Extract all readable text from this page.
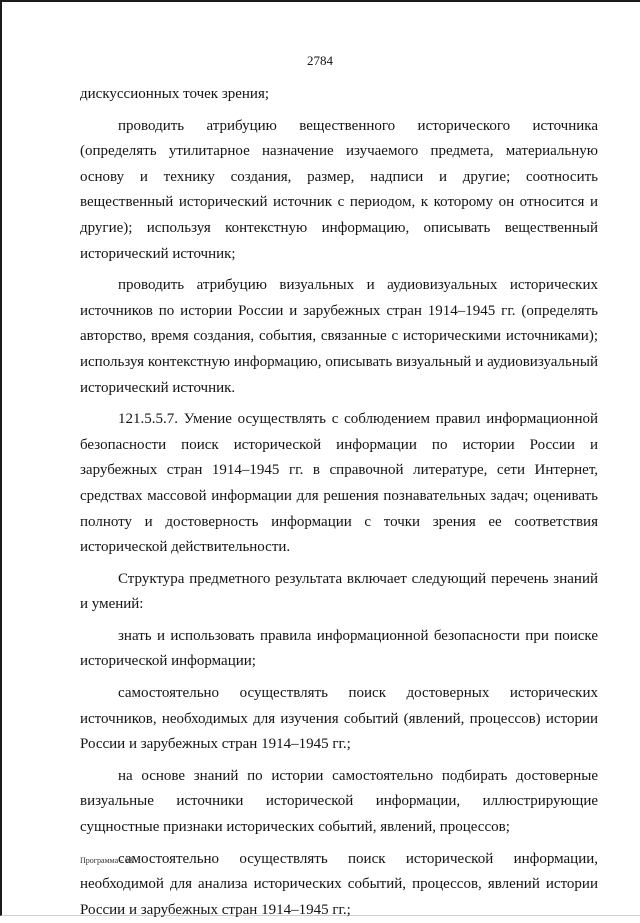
2784

дискуссионных точек зрения;

проводить атрибуцию вещественного исторического источника (определять утилитарное назначение изучаемого предмета, материальную основу и технику создания, размер, надписи и другие; соотносить вещественный исторический источник с периодом, к которому он относится и другие); используя контекстную информацию, описывать вещественный исторический источник;

проводить атрибуцию визуальных и аудиовизуальных исторических источников по истории России и зарубежных стран 1914–1945 гг. (определять авторство, время создания, события, связанные с историческими источниками); используя контекстную информацию, описывать визуальный и аудиовизуальный исторический источник.

121.5.5.7. Умение осуществлять с соблюдением правил информационной безопасности поиск исторической информации по истории России и зарубежных стран 1914–1945 гг. в справочной литературе, сети Интернет, средствах массовой информации для решения познавательных задач; оценивать полноту и достоверность информации с точки зрения ее соответствия исторической действительности.

Структура предметного результата включает следующий перечень знаний и умений:

знать и использовать правила информационной безопасности при поиске исторической информации;

самостоятельно осуществлять поиск достоверных исторических источников, необходимых для изучения событий (явлений, процессов) истории России и зарубежных стран 1914–1945 гг.;

на основе знаний по истории самостоятельно подбирать достоверные визуальные источники исторической информации, иллюстрирующие сущностные признаки исторических событий, явлений, процессов;

самостоятельно осуществлять поиск исторической информации, необходимой для анализа исторических событий, процессов, явлений истории России и зарубежных стран 1914–1945 гг.;

Программа - 03
